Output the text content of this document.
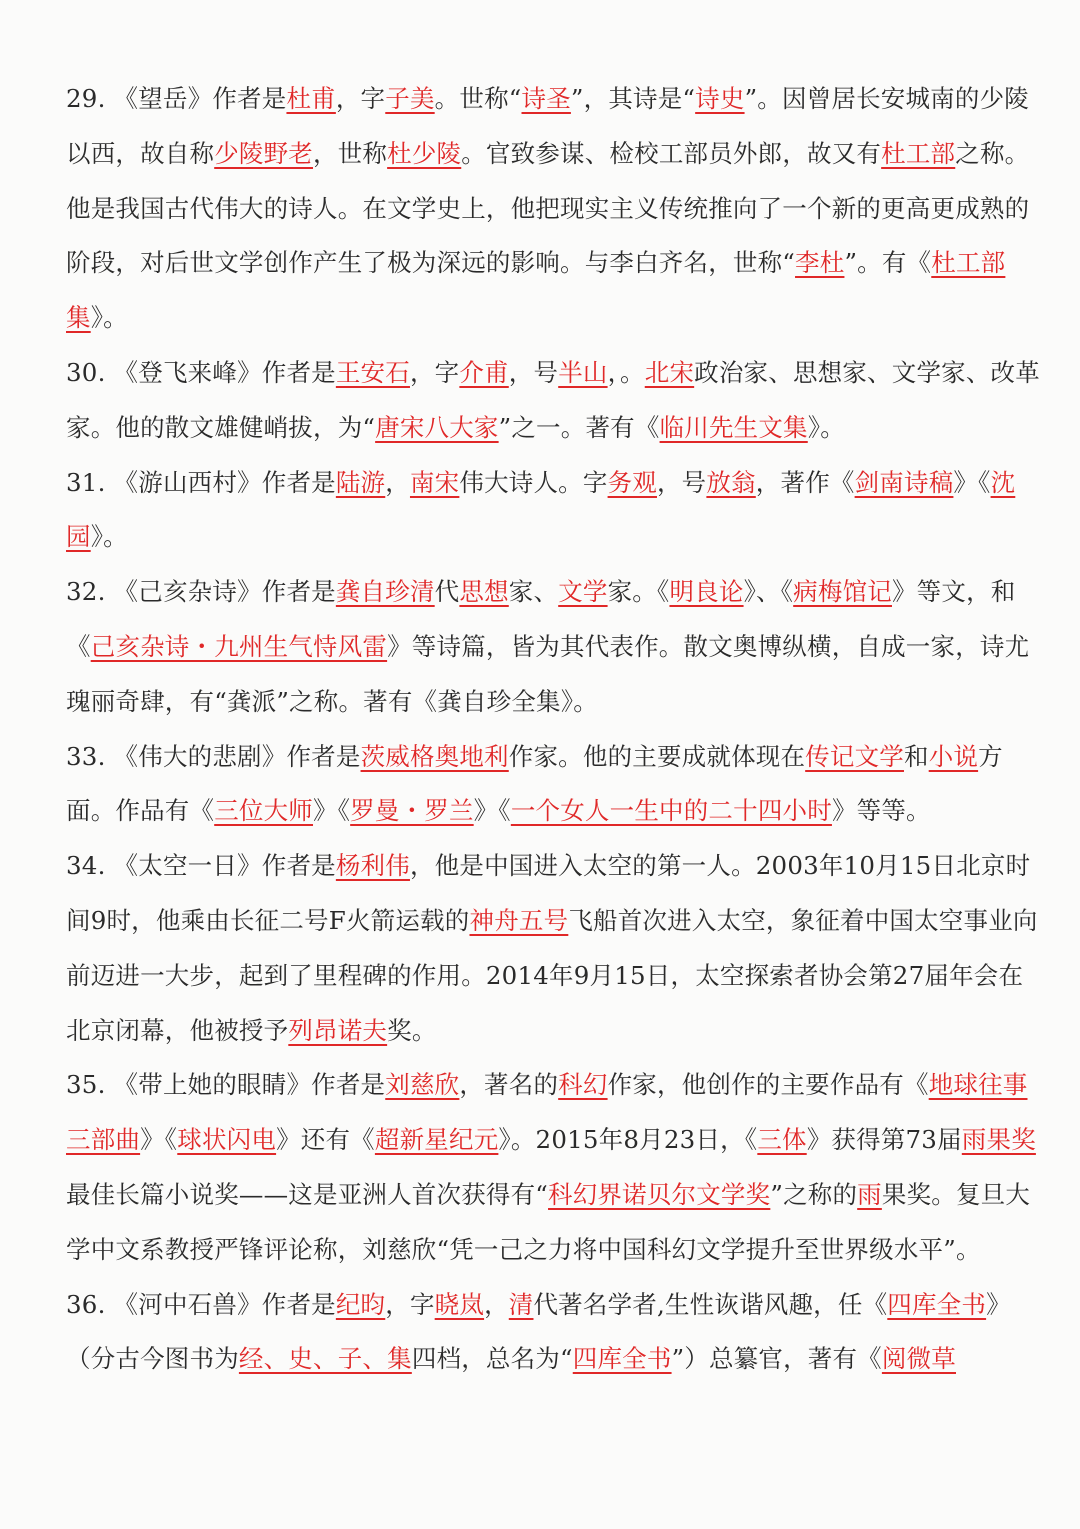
29. 《望岳》作者是杜甫，字子美。世称“诗圣”，其诗是“诗史”。因曾居长安城南的少陵以西，故自称少陵野老，世称杜少陵。官致参谋、检校工部员外郎，故又有杜工部之称。他是我国古代伟大的诗人。在文学史上，他把现实主义传统推向了一个新的更高更成熟的阶段，对后世文学创作产生了极为深远的影响。与李白齐名，世称“李杜”。有《杜工部集》。

30. 《登飞来峰》作者是王安石，字介甫，号半山，。北宋政治家、思想家、文学家、改革家。他的散文雄健峭拔，为“唐宋八大家”之一。著有《临川先生文集》。

31. 《游山西村》作者是陆游，南宋伟大诗人。字务观，号放翁，著作《剑南诗稿》《沈园》。

32. 《己亥杂诗》作者是龚自珍清代思想家、文学家。《明良论》、《病梅馆记》等文，和《己亥杂诗・九州生气恃风雷》等诗篇，皆为其代表作。散文奥博纵横，自成一家，诗尤瑰丽奇肆，有“龚派”之称。著有《龚自珍全集》。

33. 《伟大的悲剧》作者是茨威格奥地利作家。他的主要成就体现在传记文学和小说方面。作品有《三位大师》《罗曼・罗兰》《一个女人一生中的二十四小时》等等。

34. 《太空一日》作者是杨利伟，他是中国进入太空的第一人。2003年10月15日北京时间9时，他乘由长征二号F火箭运载的神舟五号飞船首次进入太空，象征着中国太空事业向前迈进一大步，起到了里程碑的作用。2014年9月15日，太空探索者协会第27届年会在北京闭幕，他被授予列昂诺夫奖。

35. 《带上她的眼睛》作者是刘慈欣，著名的科幻作家，他创作的主要作品有《地球往事三部曲》《球状闪电》还有《超新星纪元》。2015年8月23日，《三体》获得第73届雨果奖最佳长篇小说奖——这是亚洲人首次获得有“科幻界诺贝尔文学奖”之称的雨果奖。复旦大学中文系教授严锋评论称，刘慈欣“凭一己之力将中国科幻文学提升至世界级水平”。

36. 《河中石兽》作者是纪昀，字晓岚，清代著名学者,生性诙谐风趣，任《四库全书》（分古今图书为经、史、子、集四档，总名为“四库全书”）总纂官，著有《阅微草
